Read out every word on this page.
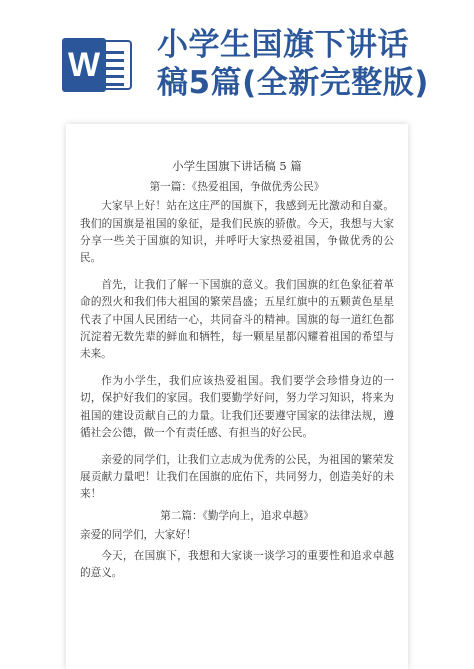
W
小学生国旗下讲话
稿5篇(全新完整版)
小学生国旗下讲话稿 5 篇
第一篇：《热爱祖国，争做优秀公民》

大家早上好！站在这庄严的国旗下，我感到无比激动和自豪。我们的国旗是祖国的象征，是我们民族的骄傲。今天，我想与大家分享一些关于国旗的知识，并呼吁大家热爱祖国，争做优秀的公民。

首先，让我们了解一下国旗的意义。我们国旗的红色象征着革命的烈火和我们伟大祖国的繁荣昌盛；五星红旗中的五颗黄色星星代表了中国人民团结一心，共同奋斗的精神。国旗的每一道红色都沉淀着无数先辈的鲜血和牺牲，每一颗星星都闪耀着祖国的希望与未来。

作为小学生，我们应该热爱祖国。我们要学会珍惜身边的一切，保护好我们的家园。我们要勤学好问，努力学习知识，将来为祖国的建设贡献自己的力量。让我们还要遵守国家的法律法规，遵循社会公德，做一个有责任感、有担当的好公民。

亲爱的同学们，让我们立志成为优秀的公民，为祖国的繁荣发展贡献力量吧！让我们在国旗的庇佑下，共同努力，创造美好的未来！

第二篇：《勤学向上，追求卓越》

亲爱的同学们，大家好！

今天，在国旗下，我想和大家谈一谈学习的重要性和追求卓越的意义。
